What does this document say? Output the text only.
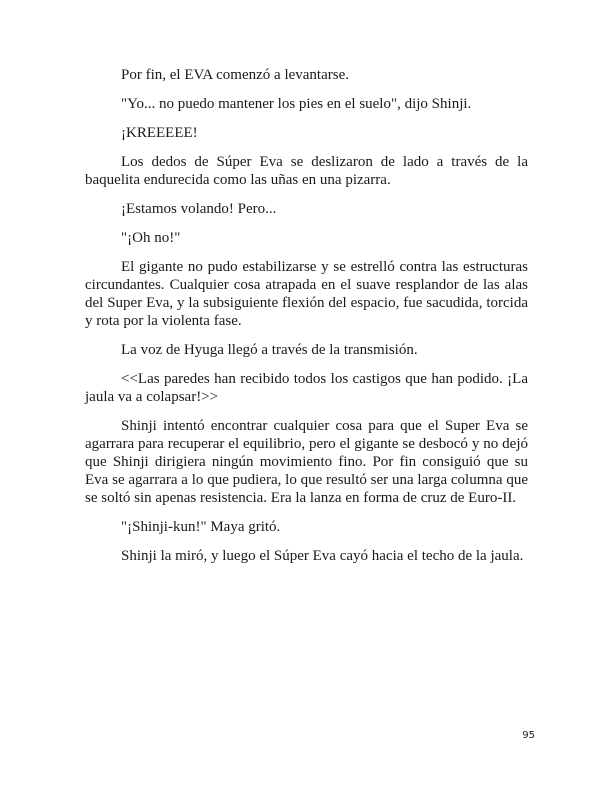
Por fin, el EVA comenzó a levantarse.

"Yo... no puedo mantener los pies en el suelo", dijo Shinji.

¡KREEEEE!

Los dedos de Súper Eva se deslizaron de lado a través de la baquelita endurecida como las uñas en una pizarra.

¡Estamos volando! Pero...

"¡Oh no!"

El gigante no pudo estabilizarse y se estrelló contra las estructuras circundantes. Cualquier cosa atrapada en el suave resplandor de las alas del Super Eva, y la subsiguiente flexión del espacio, fue sacudida, torcida y rota por la violenta fase.

La voz de Hyuga llegó a través de la transmisión.

<<Las paredes han recibido todos los castigos que han podido. ¡La jaula va a colapsar!>>

Shinji intentó encontrar cualquier cosa para que el Super Eva se agarrara para recuperar el equilibrio, pero el gigante se desbocó y no dejó que Shinji dirigiera ningún movimiento fino. Por fin consiguió que su Eva se agarrara a lo que pudiera, lo que resultó ser una larga columna que se soltó sin apenas resistencia. Era la lanza en forma de cruz de Euro-II.

"¡Shinji-kun!" Maya gritó.

Shinji la miró, y luego el Súper Eva cayó hacia el techo de la jaula.

95
